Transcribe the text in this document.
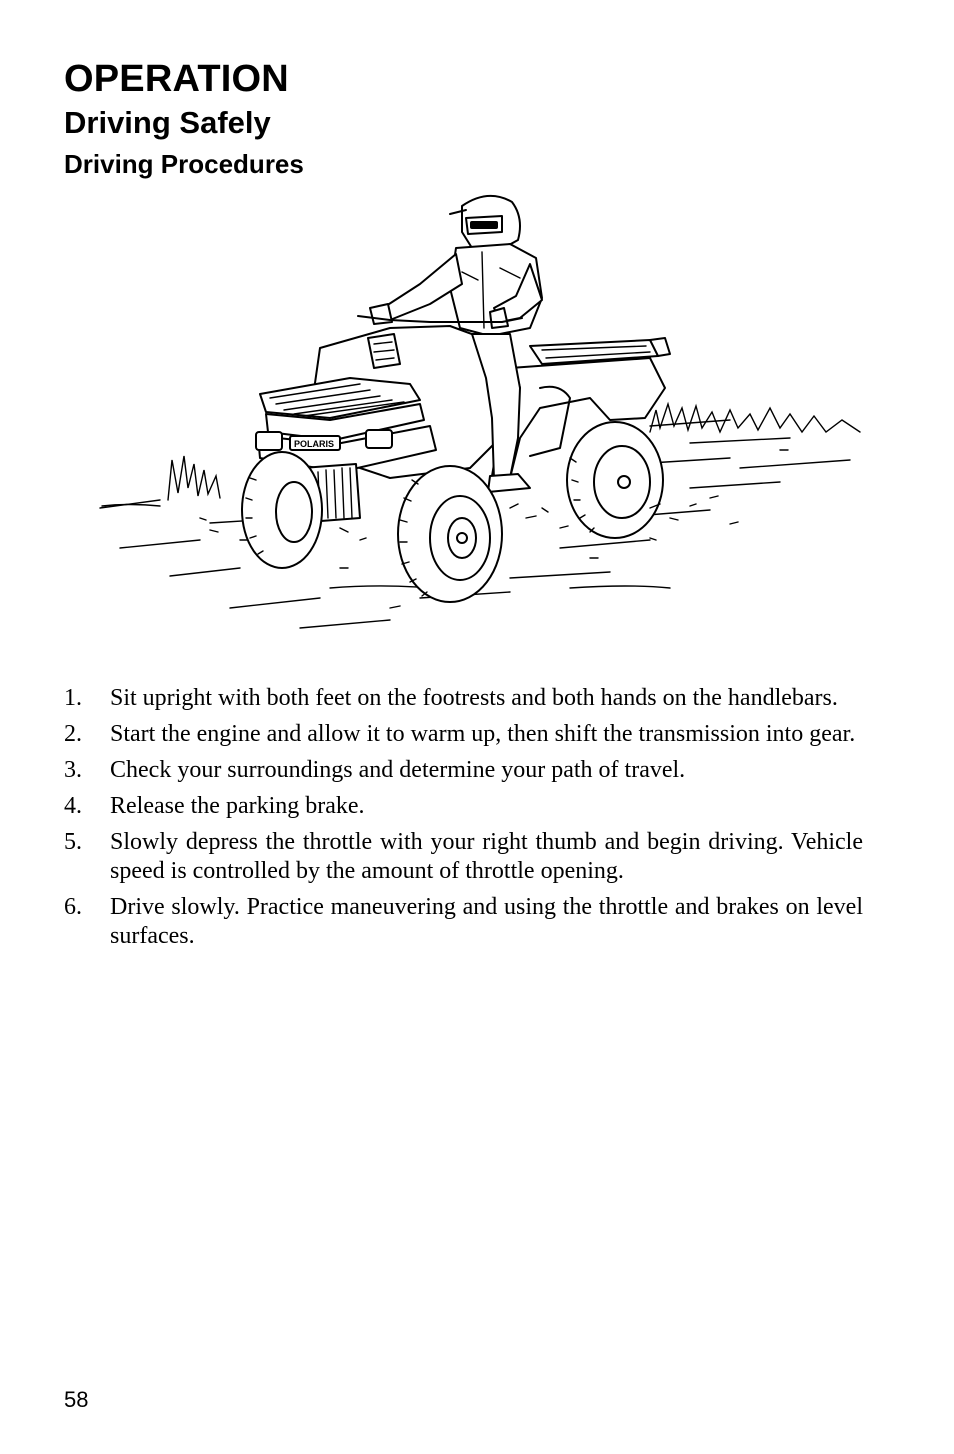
OPERATION
Driving Safely
Driving Procedures
POLARIS
1.	Sit upright with both feet on the footrests and both hands on the handlebars.
2.	Start the engine and allow it to warm up, then shift the transmission into gear.
3.	Check your surroundings and determine your path of travel.
4.	Release the parking brake.
5.	Slowly depress the throttle with your right thumb and begin driving. Vehicle speed is controlled by the amount of throttle opening.
6.	Drive slowly. Practice maneuvering and using the throttle and brakes on level surfaces.
58
